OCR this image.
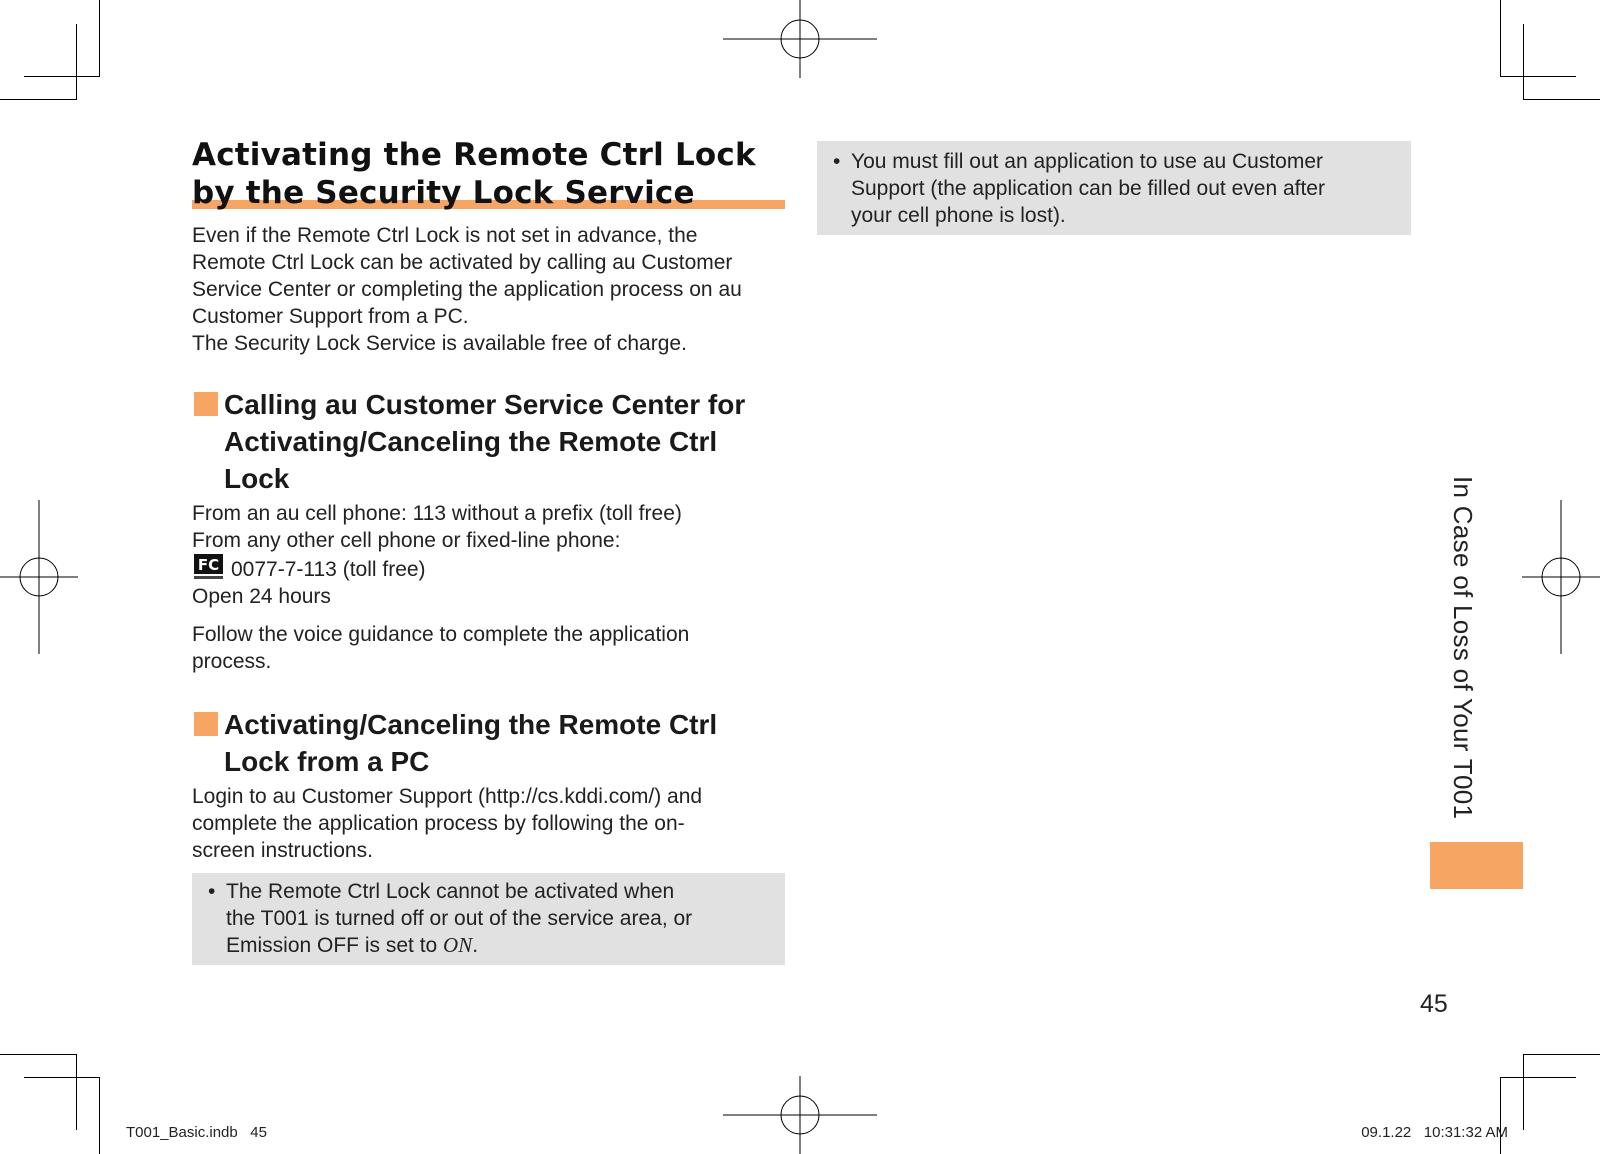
Activating the Remote Ctrl Lock by the Security Lock Service
Even if the Remote Ctrl Lock is not set in advance, the
Remote Ctrl Lock can be activated by calling au Customer
Service Center or completing the application process on au
Customer Support from a PC.
The Security Lock Service is available free of charge.
Calling au Customer Service Center for
Activating/Canceling the Remote Ctrl
Lock
From an au cell phone: 113 without a prefix (toll free)
From any other cell phone or fixed-line phone:
FC 0077-7-113 (toll free)
Open 24 hours
Follow the voice guidance to complete the application
process.
Activating/Canceling the Remote Ctrl
Lock from a PC
Login to au Customer Support (http://cs.kddi.com/) and
complete the application process by following the on-
screen instructions.
• The Remote Ctrl Lock cannot be activated when
the T001 is turned off or out of the service area, or
Emission OFF is set to ON.
• You must fill out an application to use au Customer
Support (the application can be filled out even after
your cell phone is lost).
In Case of Loss of Your T001
45
T001_Basic.indb   45	09.1.22   10:31:32 AM
